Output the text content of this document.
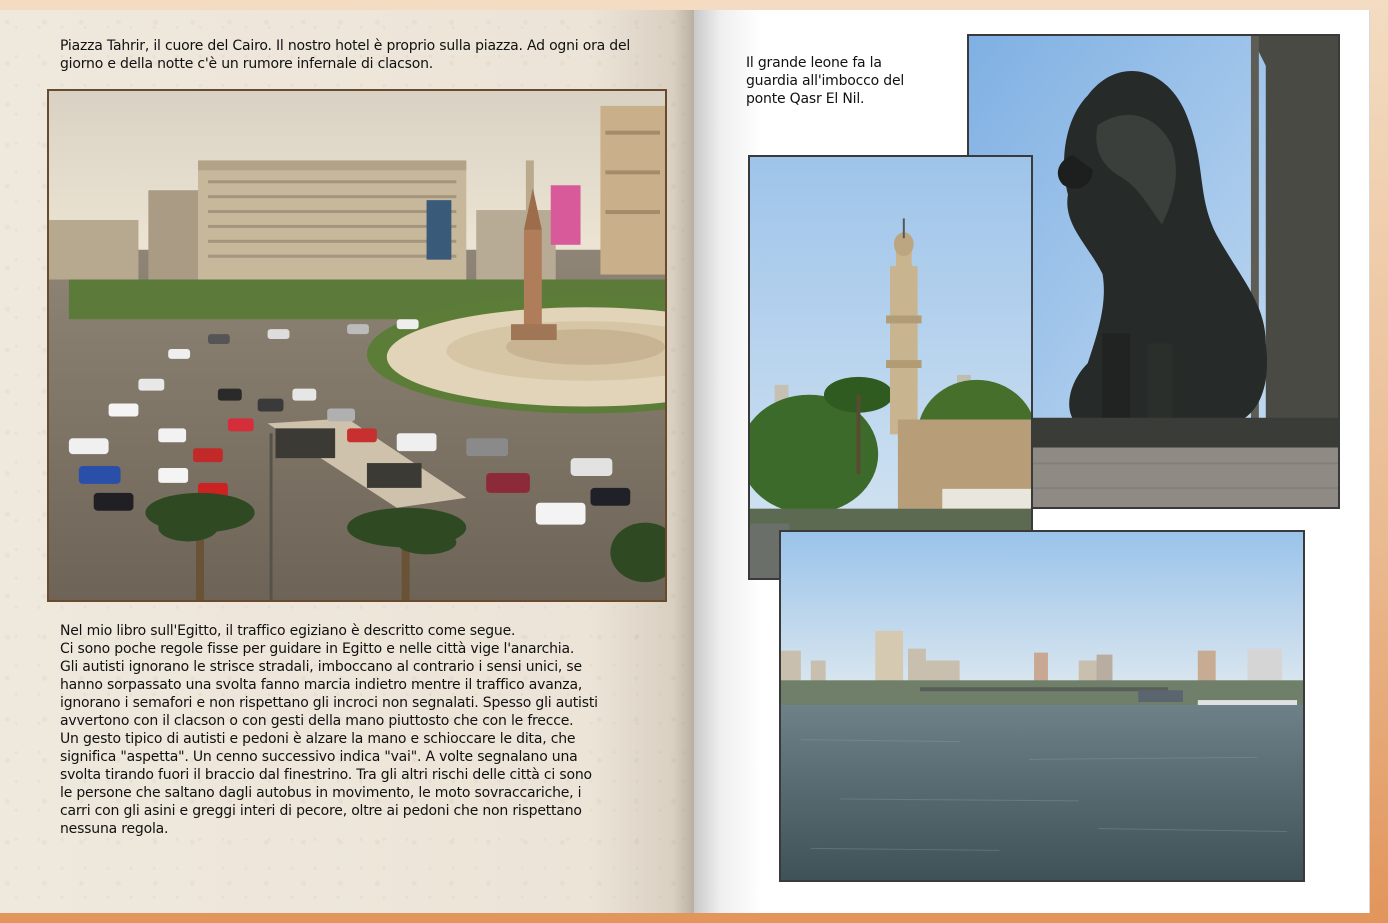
Piazza Tahrir, il cuore del Cairo. Il nostro hotel è proprio sulla piazza. Ad ogni ora del giorno e della notte c'è un rumore infernale di clacson.
Nel mio libro sull'Egitto, il traffico egiziano è descritto come segue.
Ci sono poche regole fisse per guidare in Egitto e nelle città vige l'anarchia.
Gli autisti ignorano le strisce stradali, imboccano al contrario i sensi unici, se
hanno sorpassato una svolta fanno marcia indietro mentre il traffico avanza,
ignorano i semafori e non rispettano gli incroci non segnalati. Spesso gli autisti
avvertono con il clacson o con gesti della mano piuttosto che con le frecce.
Un gesto tipico di autisti e pedoni è alzare la mano e schioccare le dita, che
significa "aspetta". Un cenno successivo indica "vai". A volte segnalano una
svolta tirando fuori il braccio dal finestrino. Tra gli altri rischi delle città ci sono
le persone che saltano dagli autobus in movimento, le moto sovraccariche, i
carri con gli asini e greggi interi di pecore, oltre ai pedoni che non rispettano
nessuna regola.
Il grande leone fa la
guardia all'imbocco del
ponte Qasr El Nil.
